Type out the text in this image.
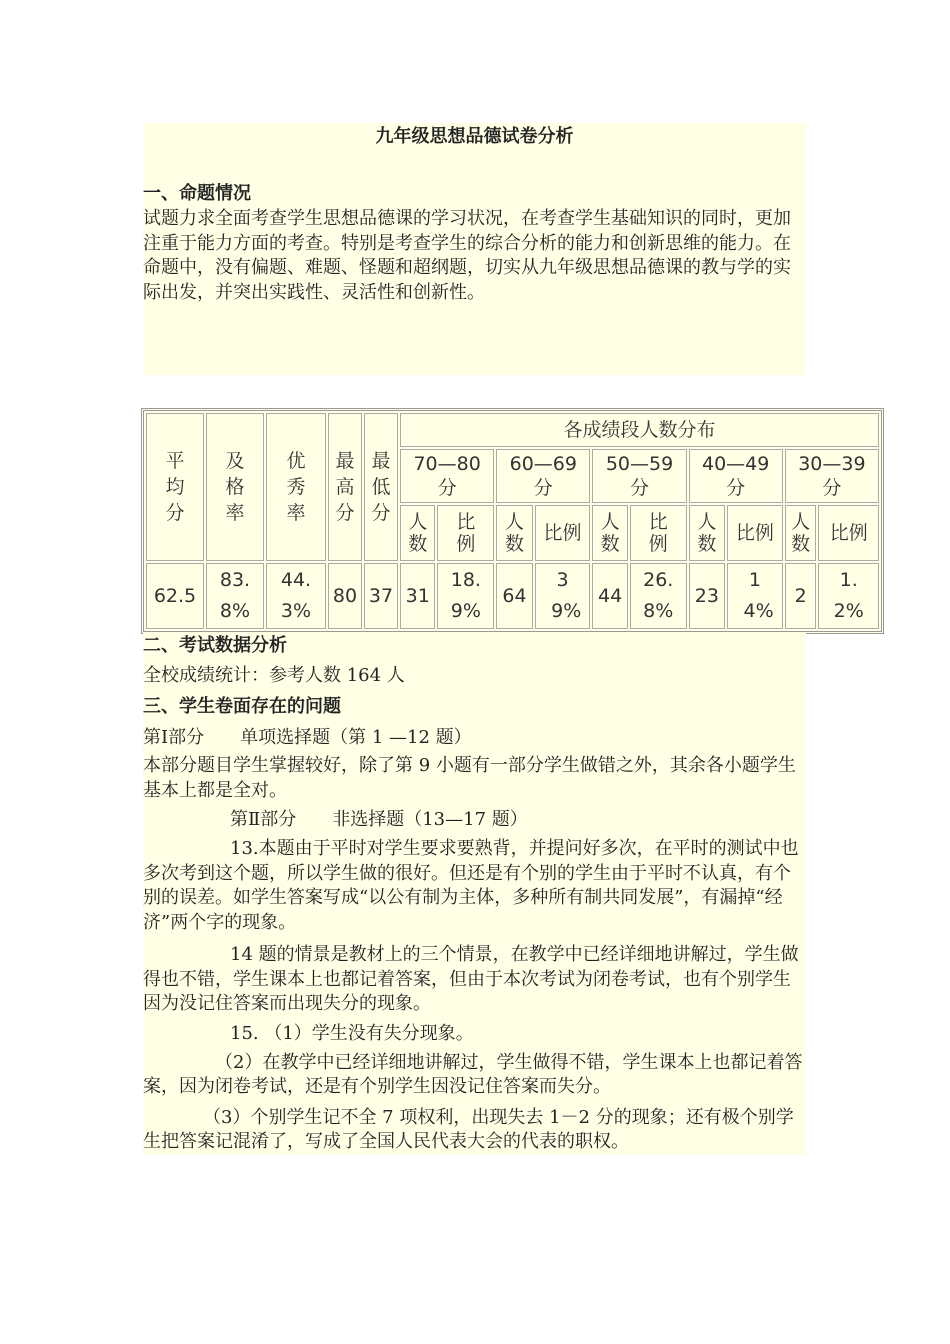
九年级思想品德试卷分析

一、命题情况

试题力求全面考查学生思想品德课的学习状况，在考查学生基础知识的同时，更加注重于能力方面的考查。特别是考查学生的综合分析的能力和创新思维的能力。在命题中，没有偏题、难题、怪题和超纲题，切实从九年级思想品德课的教与学的实际出发，并突出实践性、灵活性和创新性。

平均分	及格率	优秀率	最高分	最低分	各成绩段人数分布									
					70—80 分		60—69 分		50—59 分		40—49 分		30—39 分	
					人数	比例	人数	比例	人数	比例	人数	比例	人数	比例
62.5	83.8%	44.3%	80	37	31	18.9%	64	39%	44	26.8%	23	14%	2	1.2%

二、考试数据分析

全校成绩统计：参考人数 164 人

三、学生卷面存在的问题

第Ⅰ部分　　单项选择题（第 1 —12 题）

本部分题目学生掌握较好，除了第 9 小题有一部分学生做错之外，其余各小题学生基本上都是全对。

第Ⅱ部分　　非选择题（13—17 题）

13.本题由于平时对学生要求要熟背，并提问好多次，在平时的测试中也多次考到这个题，所以学生做的很好。但还是有个别的学生由于平时不认真，有个别的误差。如学生答案写成“以公有制为主体，多种所有制共同发展”，有漏掉“经济”两个字的现象。

14 题的情景是教材上的三个情景，在教学中已经详细地讲解过，学生做得也不错，学生课本上也都记着答案，但由于本次考试为闭卷考试，也有个别学生因为没记住答案而出现失分的现象。

15. （1）学生没有失分现象。

（2）在教学中已经详细地讲解过，学生做得不错，学生课本上也都记着答案，因为闭卷考试，还是有个别学生因没记住答案而失分。

（3）个别学生记不全 7 项权利，出现失去 1－2 分的现象；还有极个别学生把答案记混淆了，写成了全国人民代表大会的代表的职权。
